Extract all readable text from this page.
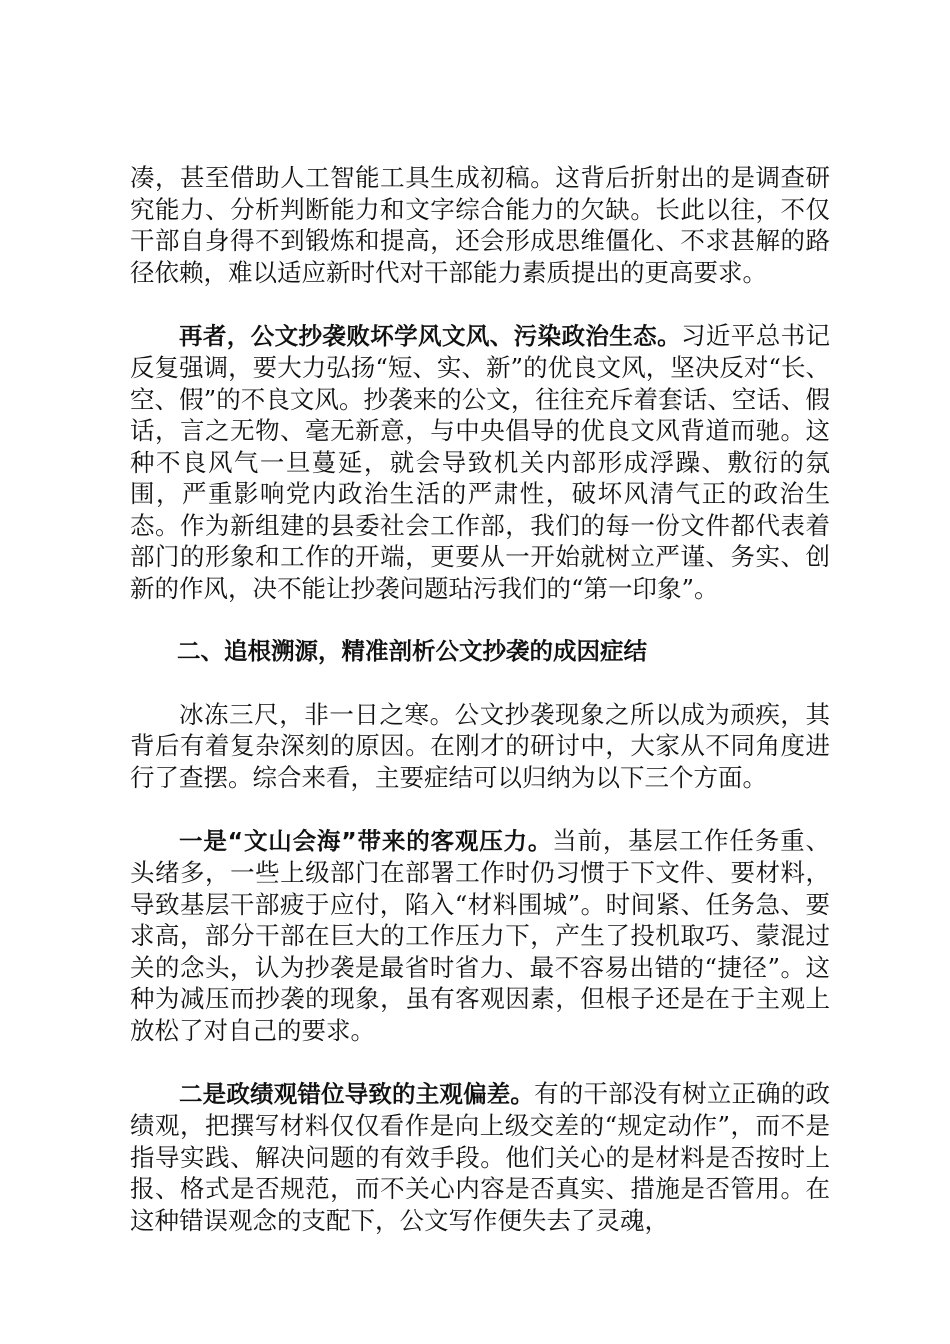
凑，甚至借助人工智能工具生成初稿。这背后折射出的是调查研究能力、分析判断能力和文字综合能力的欠缺。长此以往，不仅干部自身得不到锻炼和提高，还会形成思维僵化、不求甚解的路径依赖，难以适应新时代对干部能力素质提出的更高要求。

再者，公文抄袭败坏学风文风、污染政治生态。习近平总书记反复强调，要大力弘扬“短、实、新”的优良文风，坚决反对“长、空、假”的不良文风。抄袭来的公文，往往充斥着套话、空话、假话，言之无物、毫无新意，与中央倡导的优良文风背道而驰。这种不良风气一旦蔓延，就会导致机关内部形成浮躁、敷衍的氛围，严重影响党内政治生活的严肃性，破坏风清气正的政治生态。作为新组建的县委社会工作部，我们的每一份文件都代表着部门的形象和工作的开端，更要从一开始就树立严谨、务实、创新的作风，决不能让抄袭问题玷污我们的“第一印象”。

二、追根溯源，精准剖析公文抄袭的成因症结

冰冻三尺，非一日之寒。公文抄袭现象之所以成为顽疾，其背后有着复杂深刻的原因。在刚才的研讨中，大家从不同角度进行了查摆。综合来看，主要症结可以归纳为以下三个方面。

一是“文山会海”带来的客观压力。当前，基层工作任务重、头绪多，一些上级部门在部署工作时仍习惯于下文件、要材料，导致基层干部疲于应付，陷入“材料围城”。时间紧、任务急、要求高，部分干部在巨大的工作压力下，产生了投机取巧、蒙混过关的念头，认为抄袭是最省时省力、最不容易出错的“捷径”。这种为减压而抄袭的现象，虽有客观因素，但根子还是在于主观上放松了对自己的要求。

二是政绩观错位导致的主观偏差。有的干部没有树立正确的政绩观，把撰写材料仅仅看作是向上级交差的“规定动作”，而不是指导实践、解决问题的有效手段。他们关心的是材料是否按时上报、格式是否规范，而不关心内容是否真实、措施是否管用。在这种错误观念的支配下，公文写作便失去了灵魂，
